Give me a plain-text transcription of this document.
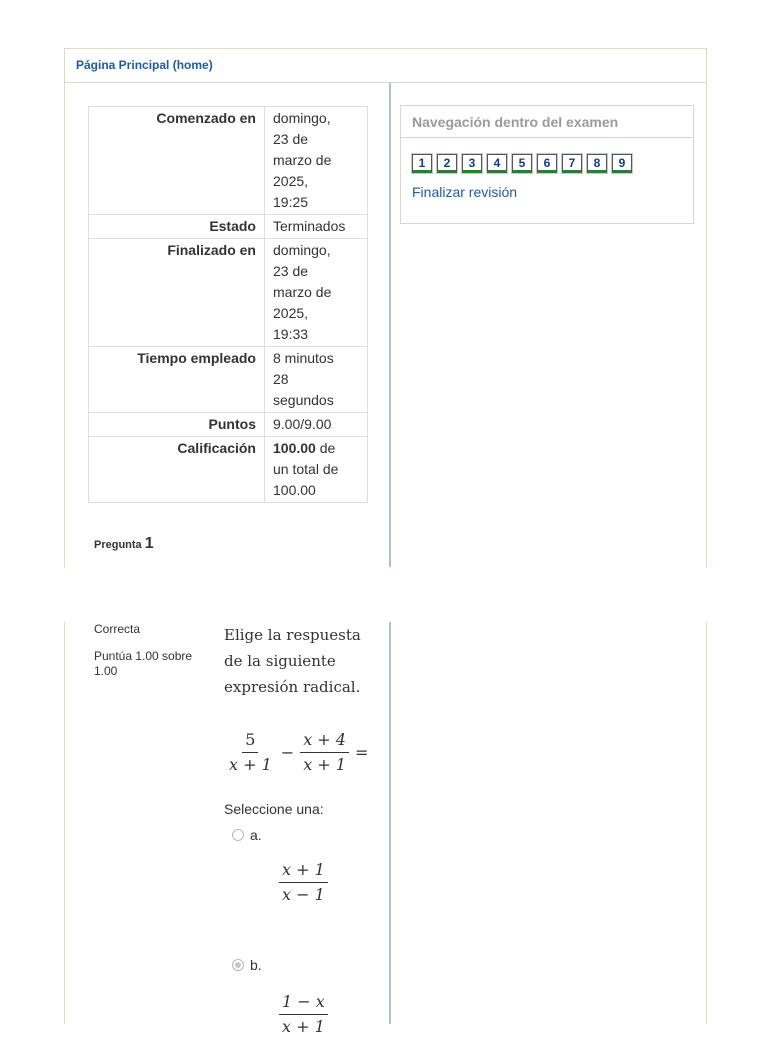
Página Principal (home)
Comenzado en	domingo,
23 de
marzo de
2025,
19:25
Estado	Terminados
Finalizado en	domingo,
23 de
marzo de
2025,
19:33
Tiempo empleado	8 minutos
28
segundos
Puntos	9.00/9.00
Calificación	100.00 de
un total de
100.00
Pregunta 1
Navegación dentro del examen
1	2	3	4	5	6	7	8	9
Finalizar revisión
Correcta
Puntúa 1.00 sobre 1.00
Elige la respuesta de la siguiente expresión radical.
$\frac{5}{x + 1} - \frac{x + 4}{x + 1}$ =
Seleccione una:
a.
$\frac{x + 1}{x - 1}$
b.
$\frac{1 - x}{x + 1}$
